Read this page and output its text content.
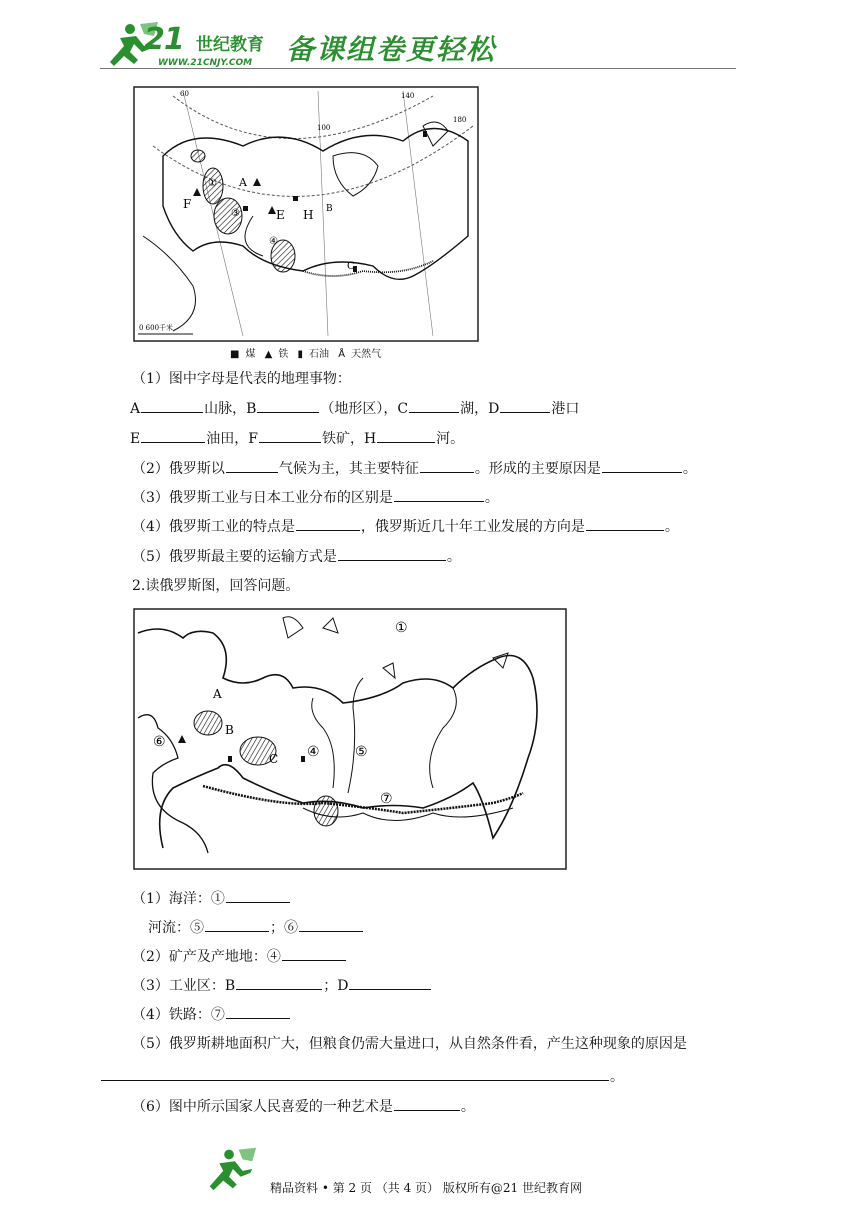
21 世纪教育
WWW.21CNJY.COM 备课组卷更轻松
A
B
C
E
F
H
①
③
④
60
100
140
180
0 600千米
■ 煤 ▲ 铁 ▮ 石油 Å 天然气
（1）图中字母是代表的地理事物：
A	山脉，B	（地形区），C	湖，D	港口
E	油田，F	铁矿，H	河。
（2）俄罗斯以	气候为主，其主要特征	。形成的主要原因是	。
（3）俄罗斯工业与日本工业分布的区别是	。
（4）俄罗斯工业的特点是	，俄罗斯近几十年工业发展的方向是	。
（5）俄罗斯最主要的运输方式是	。
2.读俄罗斯图，回答问题。
①
④	⑤
⑥
⑦
A
B
C
（1）海洋：①
河流：⑤	；⑥
（2）矿产及产地地：④
（3）工业区：B	；D
（4）铁路：⑦
（5）俄罗斯耕地面积广大，但粮食仍需大量进口，从自然条件看，产生这种现象的原因是
。
（6）图中所示国家人民喜爱的一种艺术是	。
精品资料 • 第 2 页 （共 4 页） 版权所有@21 世纪教育网
